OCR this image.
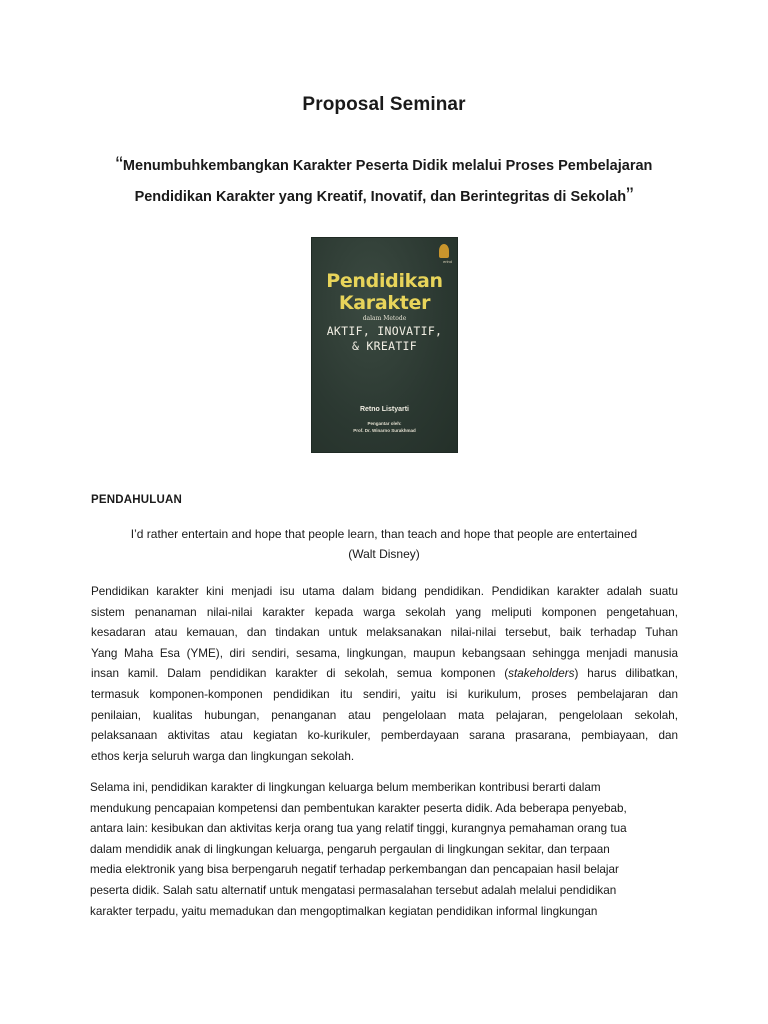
Proposal Seminar
“Menumbuhkembangkan Karakter Peserta Didik melalui Proses Pembelajaran
Pendidikan Karakter yang Kreatif, Inovatif, dan Berintegritas di Sekolah”
erlnd
Pendidikan
Karakter
dalam Metode
AKTIF, INOVATIF,
& KREATIF
Retno Listyarti
Pengantar oleh:
Prof. Dr. Winarno Surakhmad
PENDAHULUAN
I’d rather entertain and hope that people learn, than teach and hope that people are entertained
(Walt Disney)
Pendidikan karakter kini menjadi isu utama dalam bidang pendidikan. Pendidikan karakter adalah suatu
sistem penanaman nilai-nilai karakter kepada warga sekolah yang meliputi komponen pengetahuan,
kesadaran atau kemauan, dan tindakan untuk melaksanakan nilai-nilai tersebut, baik terhadap Tuhan
Yang Maha Esa (YME), diri sendiri, sesama, lingkungan, maupun kebangsaan sehingga menjadi manusia
insan kamil. Dalam pendidikan karakter di sekolah, semua komponen (stakeholders) harus dilibatkan,
termasuk komponen-komponen pendidikan itu sendiri, yaitu isi kurikulum, proses pembelajaran dan
penilaian, kualitas hubungan, penanganan atau pengelolaan mata pelajaran, pengelolaan sekolah,
pelaksanaan aktivitas atau kegiatan ko-kurikuler, pemberdayaan sarana prasarana, pembiayaan, dan
ethos kerja seluruh warga dan lingkungan sekolah.
Selama ini, pendidikan karakter di lingkungan keluarga belum memberikan kontribusi berarti dalam
mendukung pencapaian kompetensi dan pembentukan karakter peserta didik. Ada beberapa penyebab,
antara lain: kesibukan dan aktivitas kerja orang tua yang relatif tinggi, kurangnya pemahaman orang tua
dalam mendidik anak di lingkungan keluarga, pengaruh pergaulan di lingkungan sekitar, dan terpaan
media elektronik yang bisa berpengaruh negatif terhadap perkembangan dan pencapaian hasil belajar
peserta didik. Salah satu alternatif untuk mengatasi permasalahan tersebut adalah melalui pendidikan
karakter terpadu, yaitu memadukan dan mengoptimalkan kegiatan pendidikan informal lingkungan
